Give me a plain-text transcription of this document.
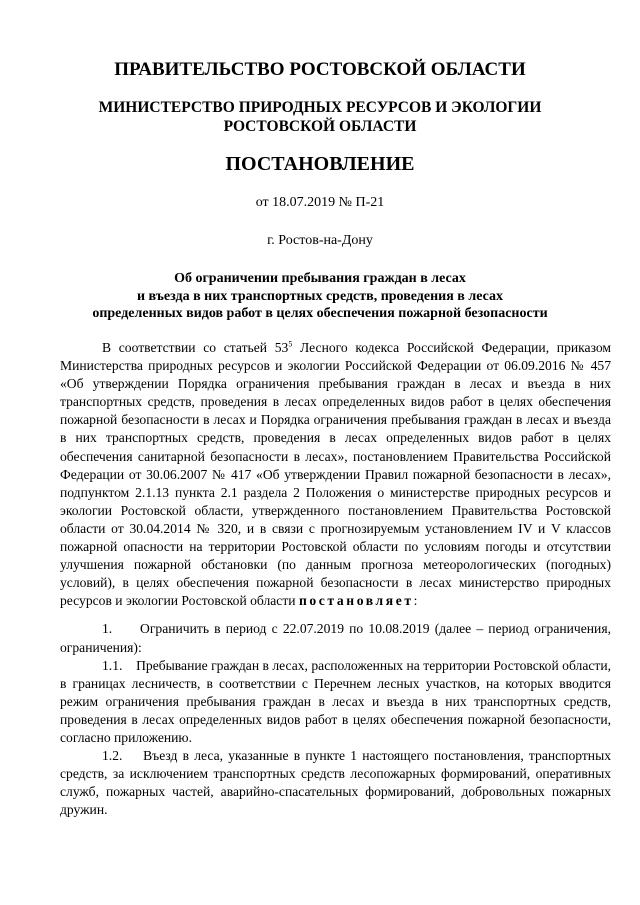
ПРАВИТЕЛЬСТВО РОСТОВСКОЙ ОБЛАСТИ
МИНИСТЕРСТВО ПРИРОДНЫХ РЕСУРСОВ И ЭКОЛОГИИ
РОСТОВСКОЙ ОБЛАСТИ
ПОСТАНОВЛЕНИЕ
от 18.07.2019 № П-21
г. Ростов-на-Дону
Об ограничении пребывания граждан в лесах
и въезда в них транспортных средств, проведения в лесах
определенных видов работ в целях обеспечения пожарной безопасности

В соответствии со статьей $53^5$ Лесного кодекса Российской Федерации, приказом Министерства природных ресурсов и экологии Российской Федерации от 06.09.2016 № 457 «Об утверждении Порядка ограничения пребывания граждан в лесах и въезда в них транспортных средств, проведения в лесах определенных видов работ в целях обеспечения пожарной безопасности в лесах и Порядка ограничения пребывания граждан в лесах и въезда в них транспортных средств, проведения в лесах определенных видов работ в целях обеспечения санитарной безопасности в лесах», постановлением Правительства Российской Федерации от 30.06.2007 № 417 «Об утверждении Правил пожарной безопасности в лесах», подпунктом 2.1.13 пункта 2.1 раздела 2 Положения о министерстве природных ресурсов и экологии Ростовской области, утвержденного постановлением Правительства Ростовской области от 30.04.2014 № 320, и в связи с прогнозируемым установлением IV и V классов пожарной опасности на территории Ростовской области по условиям погоды и отсутствии улучшения пожарной обстановки (по данным прогноза метеорологических (погодных) условий), в целях обеспечения пожарной безопасности в лесах министерство природных ресурсов и экологии Ростовской области постановляет:

1. Ограничить в период с 22.07.2019 по 10.08.2019 (далее – период ограничения, ограничения):

1.1. Пребывание граждан в лесах, расположенных на территории Ростовской области, в границах лесничеств, в соответствии с Перечнем лесных участков, на которых вводится режим ограничения пребывания граждан в лесах и въезда в них транспортных средств, проведения в лесах определенных видов работ в целях обеспечения пожарной безопасности, согласно приложению.

1.2. Въезд в леса, указанные в пункте 1 настоящего постановления, транспортных средств, за исключением транспортных средств лесопожарных формирований, оперативных служб, пожарных частей, аварийно-спасательных формирований, добровольных пожарных дружин.
